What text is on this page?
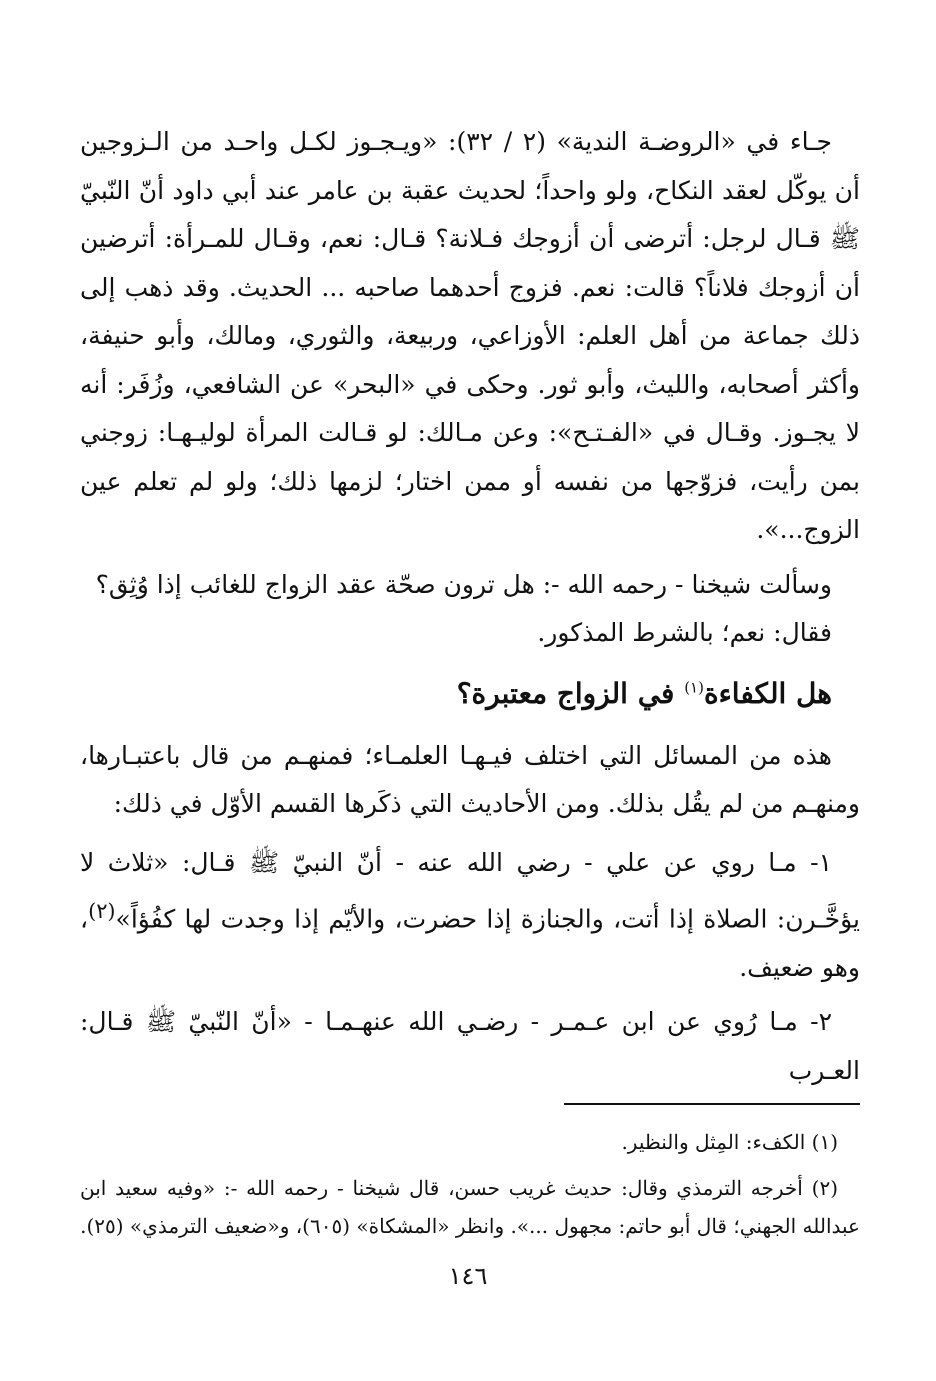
جـاء في «الروضـة الندية» (٢ / ٣٢): «ويـجـوز لكـل واحـد من الـزوجين أن يوكّل لعقد النكاح، ولو واحداً؛ لحديث عقبة بن عامر عند أبي داود أنّ النّبيّ ﷺ قـال لرجل: أترضى أن أزوجك فـلانة؟ قـال: نعم، وقـال للمـرأة: أترضين أن أزوجك فلاناً؟ قالت: نعم. فزوج أحدهما صاحبه ... الحديث. وقد ذهب إلى ذلك جماعة من أهل العلم: الأوزاعي، وربيعة، والثوري، ومالك، وأبو حنيفة، وأكثر أصحابه، والليث، وأبو ثور. وحكى في «البحر» عن الشافعي، وزُفَر: أنه لا يجـوز. وقـال في «الفـتـح»: وعن مـالك: لو قـالت المرأة لوليـهـا: زوجني بمن رأيت، فزوّجها من نفسه أو ممن اختار؛ لزمها ذلك؛ ولو لم تعلم عين الزوج...».

وسألت شيخنا - رحمه الله -: هل ترون صحّة عقد الزواج للغائب إذا وُثِق؟

فقال: نعم؛ بالشرط المذكور.

هل الكفاءة$^{(١)}$ في الزواج معتبرة؟

هذه من المسائل التي اختلف فيـهـا العلمـاء؛ فمنهـم من قال باعتبـارها، ومنهـم من لم يقُل بذلك. ومن الأحاديث التي ذكَرها القسم الأوّل في ذلك:

١- مـا روي عن علي - رضي الله عنه - أنّ النبيّ ﷺ قـال: «ثلاث لا يؤخَّـرن: الصلاة إذا أتت، والجنازة إذا حضرت، والأيّم إذا وجدت لها كفُؤاً»$^{(٢)}$، وهو ضعيف.

٢- مـا رُوي عن ابن عـمـر - رضـي الله عنهـمـا - «أنّ النّبيّ ﷺ قـال: العـرب

(١) الكفء: المِثل والنظير.

(٢) أخرجه الترمذي وقال: حديث غريب حسن، قال شيخنا - رحمه الله -: «وفيه سعيد ابن عبدالله الجهني؛ قال أبو حاتم: مجهول ...». وانظر «المشكاة» (٦٠٥)، و«ضعيف الترمذي» (٢٥).

١٤٦
